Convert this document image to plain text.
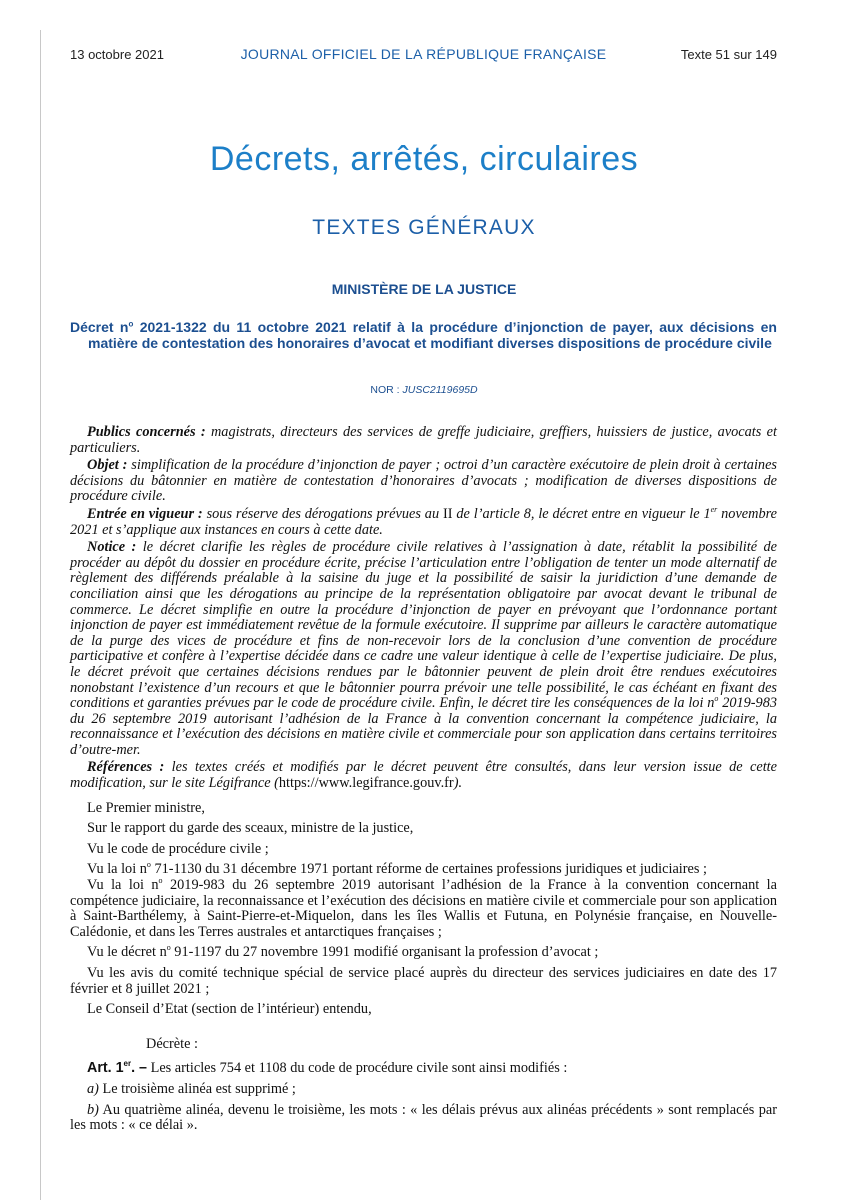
13 octobre 2021	JOURNAL OFFICIEL DE LA RÉPUBLIQUE FRANÇAISE	Texte 51 sur 149
Décrets, arrêtés, circulaires
TEXTES GÉNÉRAUX
MINISTÈRE DE LA JUSTICE
Décret $n^o$ 2021-1322 du 11 octobre 2021 relatif à la procédure d’injonction de payer, aux décisions en matière de contestation des honoraires d’avocat et modifiant diverses dispositions de procédure civile
NOR : JUSC2119695D

Publics concernés : magistrats, directeurs des services de greffe judiciaire, greffiers, huissiers de justice, avocats et particuliers.

Objet : simplification de la procédure d’injonction de payer ; octroi d’un caractère exécutoire de plein droit à certaines décisions du bâtonnier en matière de contestation d’honoraires d’avocats ; modification de diverses dispositions de procédure civile.

Entrée en vigueur : sous réserve des dérogations prévues au II de l’article 8, le décret entre en vigueur le 1er novembre 2021 et s’applique aux instances en cours à cette date.

Notice : le décret clarifie les règles de procédure civile relatives à l’assignation à date, rétablit la possibilité de procéder au dépôt du dossier en procédure écrite, précise l’articulation entre l’obligation de tenter un mode alternatif de règlement des différends préalable à la saisine du juge et la possibilité de saisir la juridiction d’une demande de conciliation ainsi que les dérogations au principe de la représentation obligatoire par avocat devant le tribunal de commerce. Le décret simplifie en outre la procédure d’injonction de payer en prévoyant que l’ordonnance portant injonction de payer est immédiatement revêtue de la formule exécutoire. Il supprime par ailleurs le caractère automatique de la purge des vices de procédure et fins de non-recevoir lors de la conclusion d’une convention de procédure participative et confère à l’expertise décidée dans ce cadre une valeur identique à celle de l’expertise judiciaire. De plus, le décret prévoit que certaines décisions rendues par le bâtonnier peuvent de plein droit être rendues exécutoires nonobstant l’existence d’un recours et que le bâtonnier pourra prévoir une telle possibilité, le cas échéant en fixant des conditions et garanties prévues par le code de procédure civile. Enfin, le décret tire les conséquences de la loi $n^o$ 2019-983 du 26 septembre 2019 autorisant l’adhésion de la France à la convention concernant la compétence judiciaire, la reconnaissance et l’exécution des décisions en matière civile et commerciale pour son application dans certains territoires d’outre-mer.

Références : les textes créés et modifiés par le décret peuvent être consultés, dans leur version issue de cette modification, sur le site Légifrance (https://www.legifrance.gouv.fr).

Le Premier ministre,

Sur le rapport du garde des sceaux, ministre de la justice,

Vu le code de procédure civile ;

Vu la loi $n^o$ 71-1130 du 31 décembre 1971 portant réforme de certaines professions juridiques et judiciaires ;

Vu la loi $n^o$ 2019-983 du 26 septembre 2019 autorisant l’adhésion de la France à la convention concernant la compétence judiciaire, la reconnaissance et l’exécution des décisions en matière civile et commerciale pour son application à Saint-Barthélemy, à Saint-Pierre-et-Miquelon, dans les îles Wallis et Futuna, en Polynésie française, en Nouvelle-Calédonie, et dans les Terres australes et antarctiques françaises ;

Vu le décret $n^o$ 91-1197 du 27 novembre 1991 modifié organisant la profession d’avocat ;

Vu les avis du comité technique spécial de service placé auprès du directeur des services judiciaires en date des 17 février et 8 juillet 2021 ;

Le Conseil d’Etat (section de l’intérieur) entendu,

Décrète :

Art. 1er. – Les articles 754 et 1108 du code de procédure civile sont ainsi modifiés :

a) Le troisième alinéa est supprimé ;

b) Au quatrième alinéa, devenu le troisième, les mots : « les délais prévus aux alinéas précédents » sont remplacés par les mots : « ce délai ».
